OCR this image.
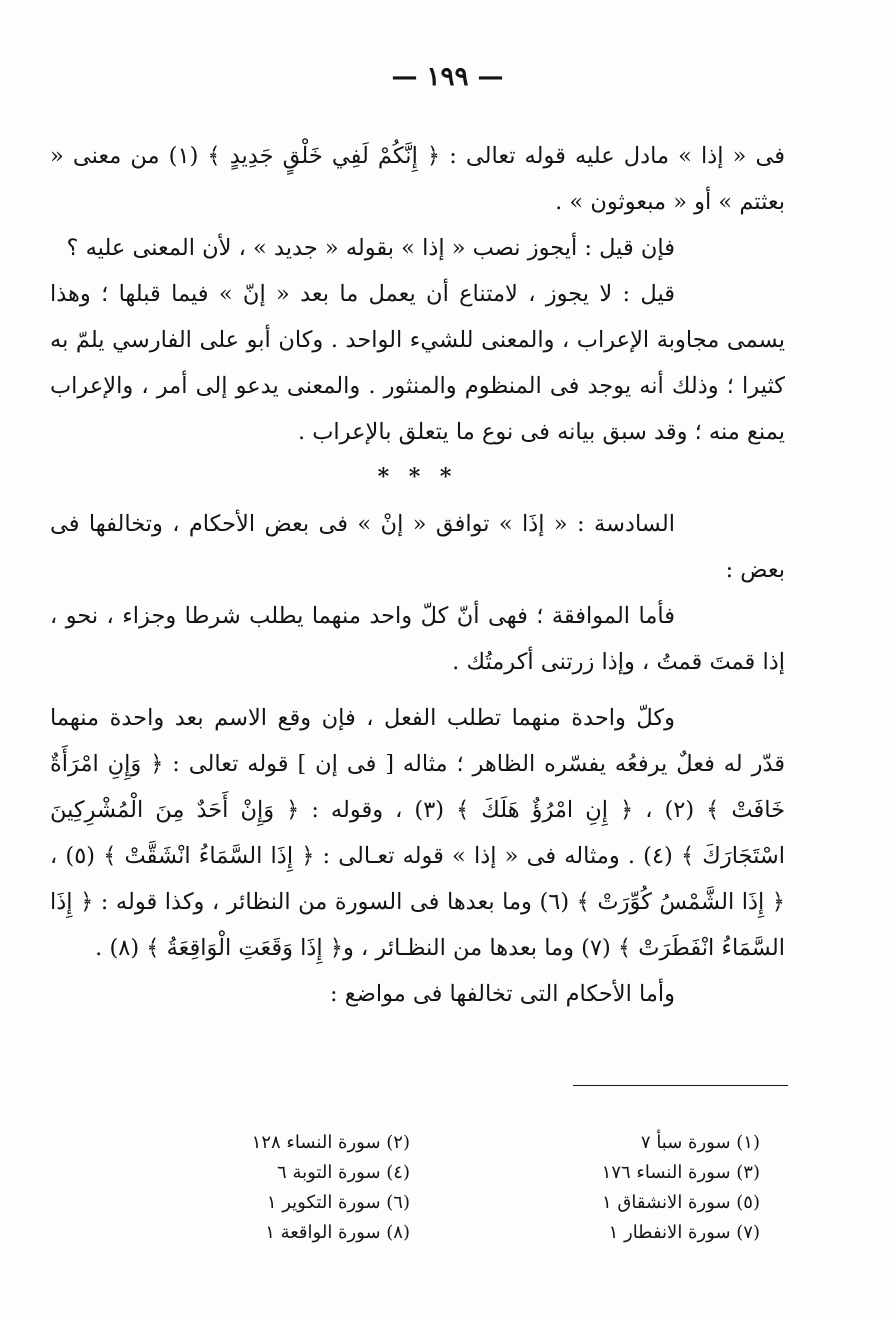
— ١٩٩ —

فى « إذا » مادل عليه قوله تعالى : ﴿ إِنَّكُمْ لَفِي خَلْقٍ جَدِيدٍ ﴾ (١) من معنى « بعثتم » أو « مبعوثون » .

فإن قيل : أيجوز نصب « إذا » بقوله « جديد » ، لأن المعنى عليه ؟

قيل : لا يجوز ، لامتناع أن يعمل ما بعد « إنّ » فيما قبلها ؛ وهذا يسمى مجاوبة الإعراب ، والمعنى للشيء الواحد . وكان أبو على الفارسي يلمّ به كثيرا ؛ وذلك أنه يوجد فى المنظوم والمنثور . والمعنى يدعو إلى أمر ، والإعراب يمنع منه ؛ وقد سبق بيانه فى نوع ما يتعلق بالإعراب .

* * *

السادسة : « إذَا » توافق « إنْ » فى بعض الأحكام ، وتخالفها فى بعض :

فأما الموافقة ؛ فهى أنّ كلّ واحد منهما يطلب شرطا وجزاء ، نحو ، إذا قمتَ قمتُ ، وإذا زرتنى أكرمتُك .

وكلّ واحدة منهما تطلب الفعل ، فإن وقع الاسم بعد واحدة منهما قدّر له فعلٌ يرفعُه يفسّره الظاهر ؛ مثاله [ فى إن ] قوله تعالى : ﴿ وَإِنِ امْرَأَةٌ خَافَتْ ﴾ (٢) ، ﴿ إِنِ امْرُؤٌ هَلَكَ ﴾ (٣) ، وقوله : ﴿ وَإِنْ أَحَدٌ مِنَ الْمُشْرِكِينَ اسْتَجَارَكَ ﴾ (٤) . ومثاله فى « إذا » قوله تعـالى : ﴿ إِذَا السَّمَاءُ انْشَقَّتْ ﴾ (٥) ، ﴿ إِذَا الشَّمْسُ كُوِّرَتْ ﴾ (٦) وما بعدها فى السورة من النظائر ، وكذا قوله : ﴿ إِذَا السَّمَاءُ انْفَطَرَتْ ﴾ (٧) وما بعدها من النظـائر ، و﴿ إِذَا وَقَعَتِ الْوَاقِعَةُ ﴾ (٨) .

وأما الأحكام التى تخالفها فى مواضع :

(١) سورة سبأ ٧
(٣) سورة النساء ١٧٦
(٥) سورة الانشقاق ١
(٧) سورة الانفطار ١
(٢) سورة النساء ١٢٨
(٤) سورة التوبة ٦
(٦) سورة التكوير ١
(٨) سورة الواقعة ١
